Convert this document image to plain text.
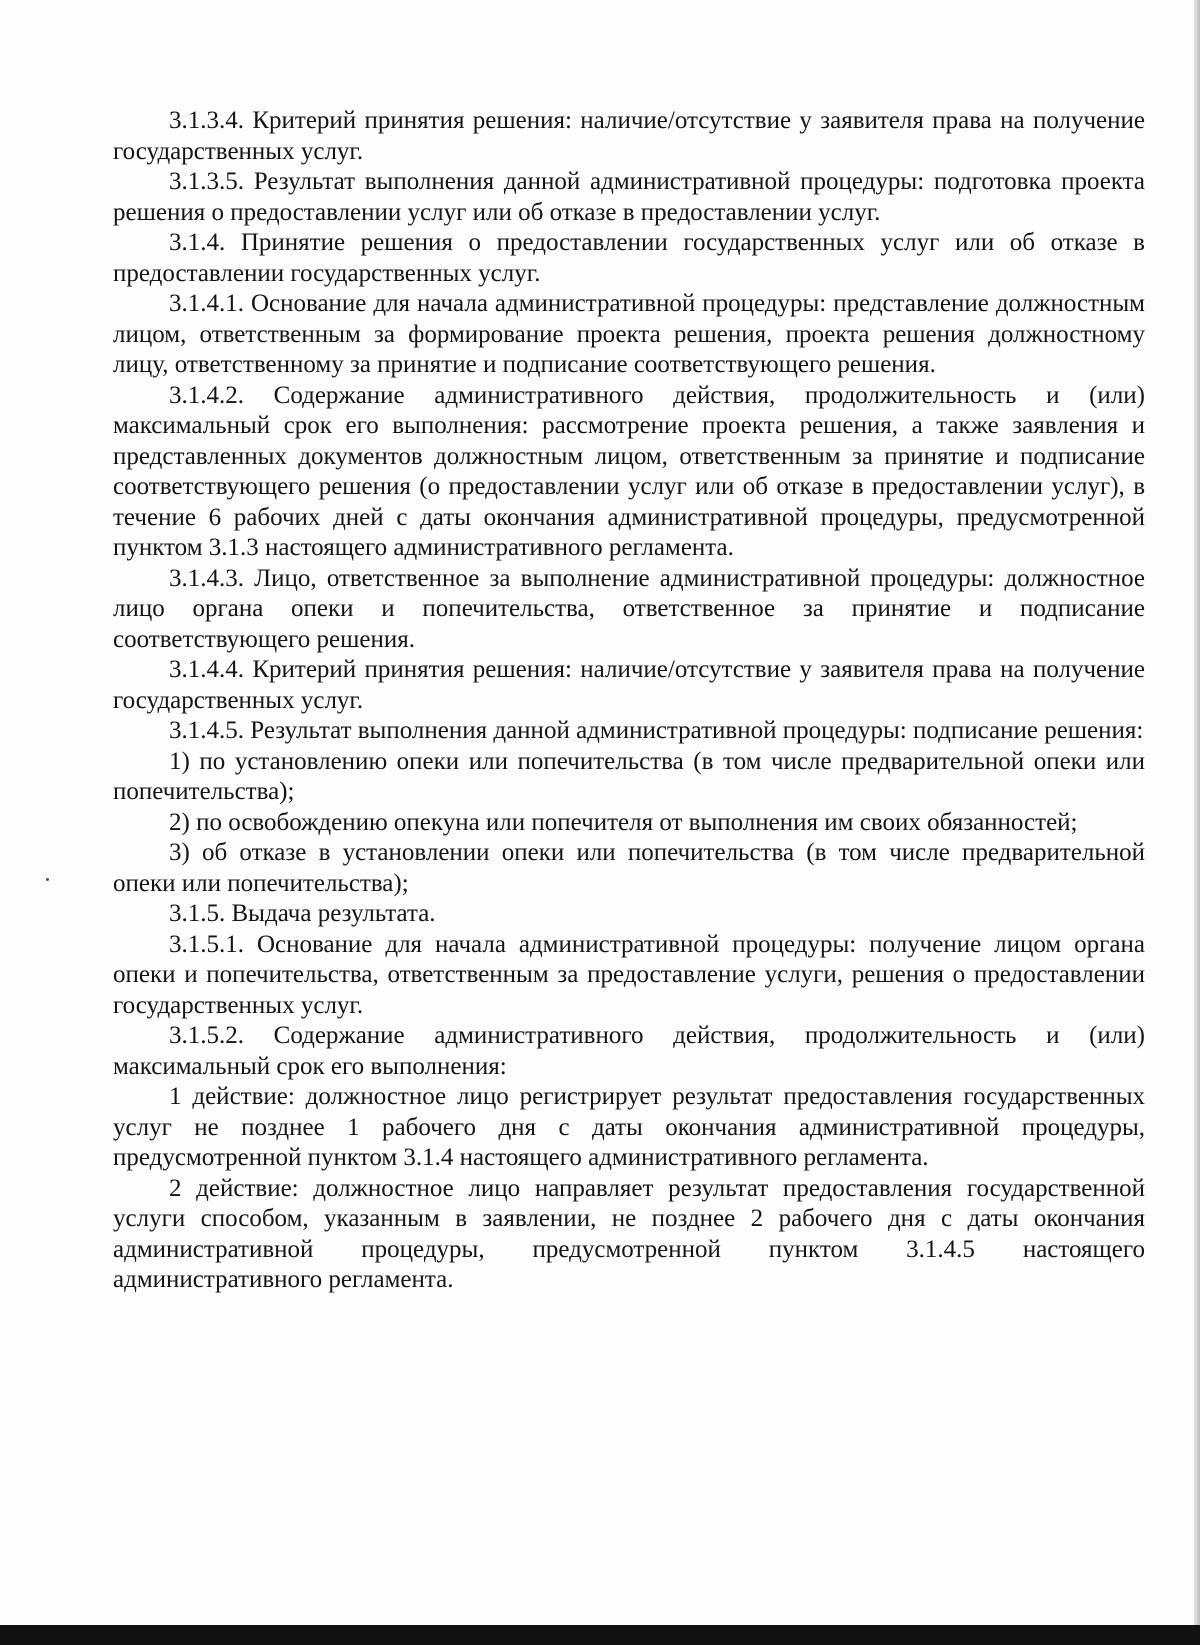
3.1.3.4. Критерий принятия решения: наличие/отсутствие у заявителя права на получение государственных услуг.

3.1.3.5. Результат выполнения данной административной процедуры: подготовка проекта решения о предоставлении услуг или об отказе в предоставлении услуг.

3.1.4. Принятие решения о предоставлении государственных услуг или об отказе в предоставлении государственных услуг.

3.1.4.1. Основание для начала административной процедуры: представление должностным лицом, ответственным за формирование проекта решения, проекта решения должностному лицу, ответственному за принятие и подписание соответствующего решения.

3.1.4.2. Содержание административного действия, продолжительность и (или) максимальный срок его выполнения: рассмотрение проекта решения, а также заявления и представленных документов должностным лицом, ответственным за принятие и подписание соответствующего решения (о предоставлении услуг или об отказе в предоставлении услуг), в течение 6 рабочих дней с даты окончания административной процедуры, предусмотренной пунктом 3.1.3 настоящего административного регламента.

3.1.4.3. Лицо, ответственное за выполнение административной процедуры: должностное лицо органа опеки и попечительства, ответственное за принятие и подписание соответствующего решения.

3.1.4.4. Критерий принятия решения: наличие/отсутствие у заявителя права на получение государственных услуг.

3.1.4.5. Результат выполнения данной административной процедуры: подписание решения:

1) по установлению опеки или попечительства (в том числе предварительной опеки или попечительства);

2) по освобождению опекуна или попечителя от выполнения им своих обязанностей;

3) об отказе в установлении опеки или попечительства (в том числе предварительной опеки или попечительства);

3.1.5. Выдача результата.

3.1.5.1. Основание для начала административной процедуры: получение лицом органа опеки и попечительства, ответственным за предоставление услуги, решения о предоставлении государственных услуг.

3.1.5.2. Содержание административного действия, продолжительность и (или) максимальный срок его выполнения:

1 действие: должностное лицо регистрирует результат предоставления государственных услуг не позднее 1 рабочего дня с даты окончания административной процедуры, предусмотренной пунктом 3.1.4 настоящего административного регламента.

2 действие: должностное лицо направляет результат предоставления государственной услуги способом, указанным в заявлении, не позднее 2 рабочего дня с даты окончания административной процедуры, предусмотренной пунктом 3.1.4.5 настоящего административного регламента.
